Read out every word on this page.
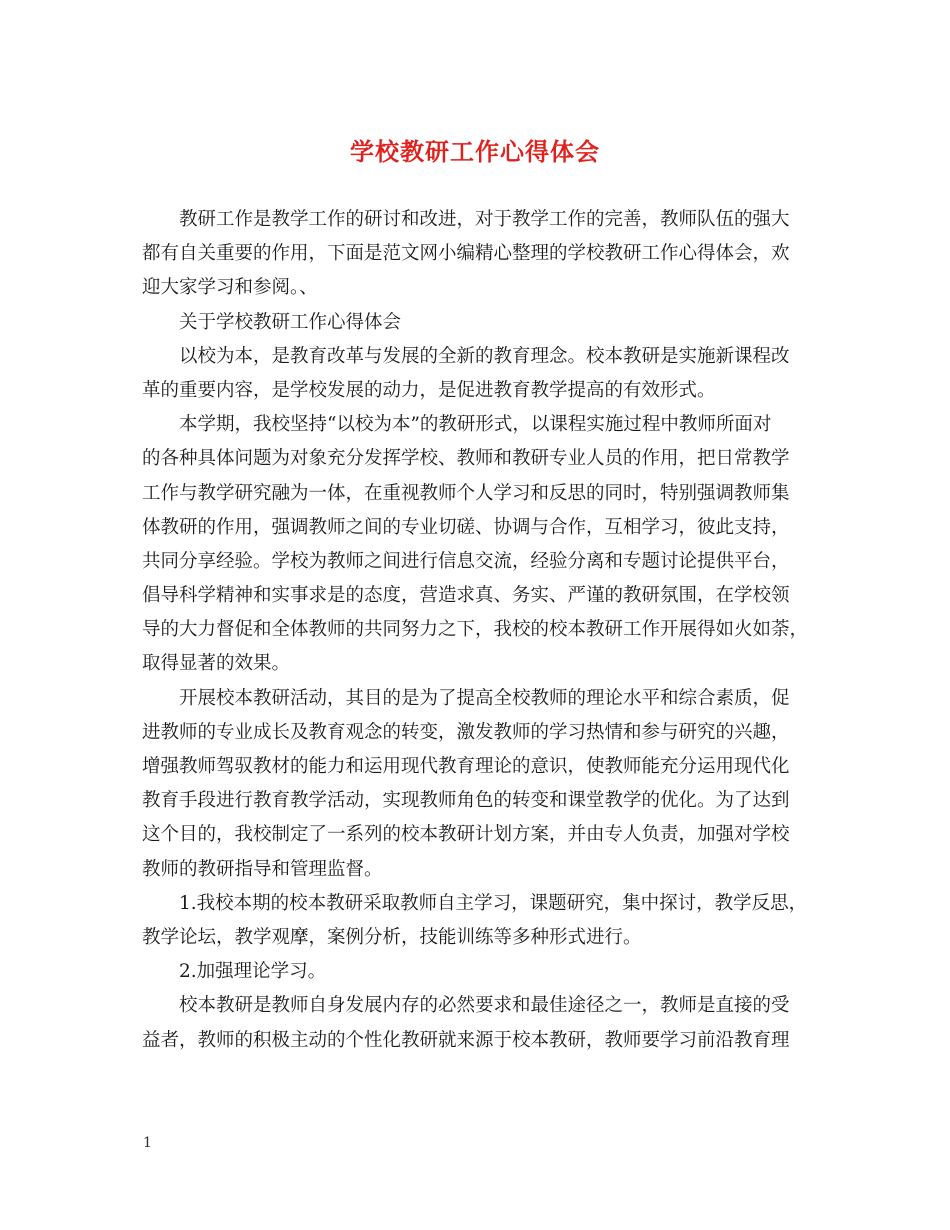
学校教研工作心得体会
教研工作是教学工作的研讨和改进，对于教学工作的完善，教师队伍的强大
都有自关重要的作用，下面是范文网小编精心整理的学校教研工作心得体会，欢
迎大家学习和参阅。、
关于学校教研工作心得体会
以校为本，是教育改革与发展的全新的教育理念。校本教研是实施新课程改
革的重要内容，是学校发展的动力，是促进教育教学提高的有效形式。
本学期，我校坚持“以校为本”的教研形式，以课程实施过程中教师所面对
的各种具体问题为对象充分发挥学校、教师和教研专业人员的作用，把日常教学
工作与教学研究融为一体，在重视教师个人学习和反思的同时，特别强调教师集
体教研的作用，强调教师之间的专业切磋、协调与合作，互相学习，彼此支持，
共同分享经验。学校为教师之间进行信息交流，经验分离和专题讨论提供平台，
倡导科学精神和实事求是的态度，营造求真、务实、严谨的教研氛围，在学校领
导的大力督促和全体教师的共同努力之下，我校的校本教研工作开展得如火如荼，
取得显著的效果。
开展校本教研活动，其目的是为了提高全校教师的理论水平和综合素质，促
进教师的专业成长及教育观念的转变，激发教师的学习热情和参与研究的兴趣，
增强教师驾驭教材的能力和运用现代教育理论的意识，使教师能充分运用现代化
教育手段进行教育教学活动，实现教师角色的转变和课堂教学的优化。为了达到
这个目的，我校制定了一系列的校本教研计划方案，并由专人负责，加强对学校
教师的教研指导和管理监督。
1.我校本期的校本教研采取教师自主学习，课题研究，集中探讨，教学反思，
教学论坛，教学观摩，案例分析，技能训练等多种形式进行。
2.加强理论学习。
校本教研是教师自身发展内存的必然要求和最佳途径之一，教师是直接的受
益者，教师的积极主动的个性化教研就来源于校本教研，教师要学习前沿教育理
1
